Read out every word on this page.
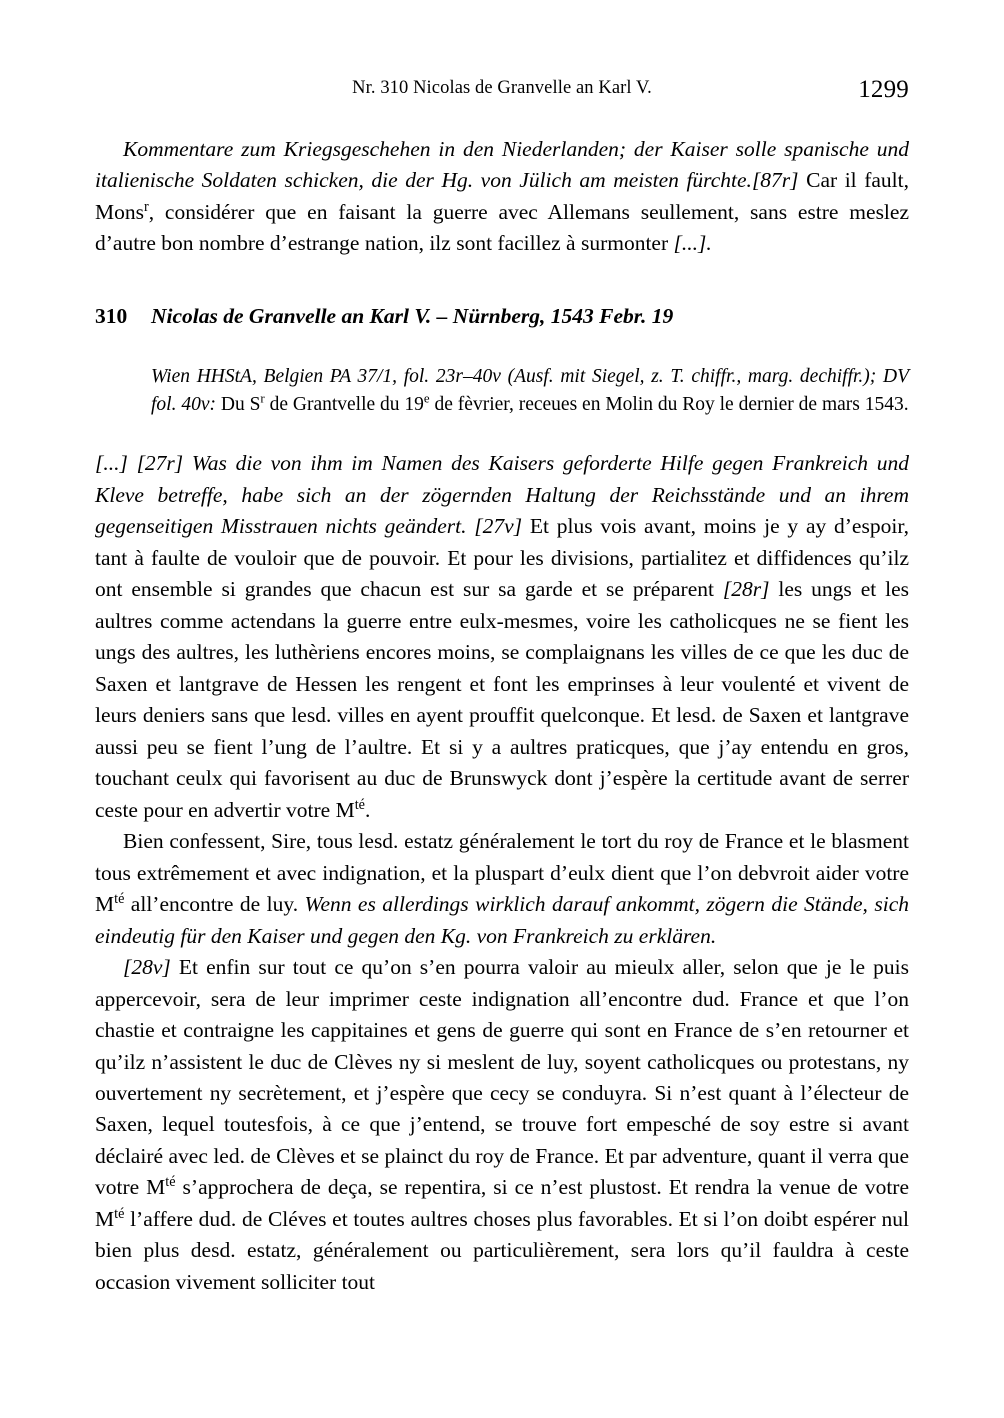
Nr. 310 Nicolas de Granvelle an Karl V.	1299

Kommentare zum Kriegsgeschehen in den Niederlanden; der Kaiser solle spanische und italienische Soldaten schicken, die der Hg. von Jülich am meisten fürchte.[87r] Car il fault, Mons$^r$, considérer que en faisant la guerre avec Allemans seullement, sans estre meslez d’autre bon nombre d’estrange nation, ilz sont facillez à surmonter [...].

310	Nicolas de Granvelle an Karl V. – Nürnberg, 1543 Febr. 19

Wien HHStA, Belgien PA 37/1, fol. 23r–40v (Ausf. mit Siegel, z. T. chiffr., marg. dechiffr.); DV fol. 40v: Du $S^r$ de Grantvelle du 19e de fèvrier, receues en Molin du Roy le dernier de mars 1543.

[...] [27r] Was die von ihm im Namen des Kaisers geforderte Hilfe gegen Frankreich und Kleve betreffe, habe sich an der zögernden Haltung der Reichsstände und an ihrem gegenseitigen Misstrauen nichts geändert. [27v] Et plus vois avant, moins je y ay d’espoir, tant à faulte de vouloir que de pouvoir. Et pour les divisions, partialitez et diffidences qu’ilz ont ensemble si grandes que chacun est sur sa garde et se préparent [28r] les ungs et les aultres comme actendans la guerre entre eulx-mesmes, voire les catholicques ne se fient les ungs des aultres, les luthèriens encores moins, se complaignans les villes de ce que les duc de Saxen et lantgrave de Hessen les rengent et font les emprinses à leur voulenté et vivent de leurs deniers sans que lesd. villes en ayent prouffit quelconque. Et lesd. de Saxen et lantgrave aussi peu se fient l’ung de l’aultre. Et si y a aultres praticques, que j’ay entendu en gros, touchant ceulx qui favorisent au duc de Brunswyck dont j’espère la certitude avant de serrer ceste pour en advertir votre $M^{té}$.

Bien confessent, Sire, tous lesd. estatz généralement le tort du roy de France et le blasment tous extrêmement et avec indignation, et la pluspart d’eulx dient que l’on debvroit aider votre $M^{té}$ all’encontre de luy. Wenn es allerdings wirklich darauf ankommt, zögern die Stände, sich eindeutig für den Kaiser und gegen den Kg. von Frankreich zu erklären.

[28v] Et enfin sur tout ce qu’on s’en pourra valoir au mieulx aller, selon que je le puis appercevoir, sera de leur imprimer ceste indignation all’encontre dud. France et que l’on chastie et contraigne les cappitaines et gens de guerre qui sont en France de s’en retourner et qu’ilz n’assistent le duc de Clèves ny si meslent de luy, soyent catholicques ou protestans, ny ouvertement ny secrètement, et j’espère que cecy se conduyra. Si n’est quant à l’électeur de Saxen, lequel toutesfois, à ce que j’entend, se trouve fort empesché de soy estre si avant déclairé avec led. de Clèves et se plainct du roy de France. Et par adventure, quant il verra que votre $M^{té}$ s’approchera de deça, se repentira, si ce n’est plustost. Et rendra la venue de votre $M^{té}$ l’affere dud. de Cléves et toutes aultres choses plus favorables. Et si l’on doibt espérer nul bien plus desd. estatz, généralement ou particulièrement, sera lors qu’il fauldra à ceste occasion vivement solliciter tout
